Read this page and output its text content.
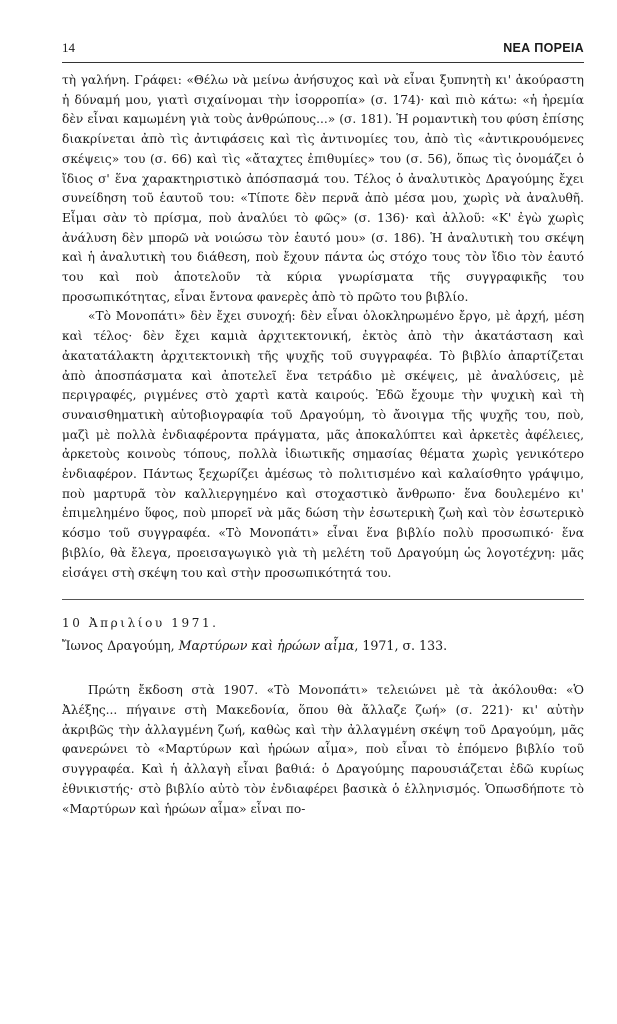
14	ΝΕΑ ΠΟΡΕΙΑ

τὴ γαλήνη. Γράφει: «Θέλω νὰ μείνω ἀνήσυχος καὶ νὰ εἶναι ξυπνητὴ κι' ἀκούραστη ἡ δύναμή μου, γιατὶ σιχαίνομαι τὴν ἰσορροπία» (σ. 174)· καὶ πιὸ κάτω: «ἡ ἠρεμία δὲν εἶναι καμωμένη γιὰ τοὺς ἀνθρώπους...» (σ. 181). Ἡ ρομαντικὴ του φύση ἐπίσης διακρίνεται ἀπὸ τὶς ἀντιφάσεις καὶ τὶς ἀντινομίες του, ἀπὸ τὶς «ἀντικρουόμενες σκέψεις» του (σ. 66) καὶ τὶς «ἄταχτες ἐπιθυμίες» του (σ. 56), ὅπως τὶς ὀνομάζει ὁ ἴδιος σ' ἕνα χαρακτηριστικὸ ἀπόσπασμά του. Τέλος ὁ ἀναλυτικὸς Δραγούμης ἔχει συνείδηση τοῦ ἑαυτοῦ του: «Τίποτε δὲν περνᾶ ἀπὸ μέσα μου, χωρὶς νὰ ἀναλυθῆ. Εἶμαι σὰν τὸ πρίσμα, ποὺ ἀναλύει τὸ φῶς» (σ. 136)· καὶ ἀλλοῦ: «Κ' ἐγὼ χωρὶς ἀνάλυση δὲν μπορῶ νὰ νοιώσω τὸν ἑαυτό μου» (σ. 186). Ἡ ἀναλυτικὴ του σκέψη καὶ ἡ ἀναλυτικὴ του διάθεση, ποὺ ἔχουν πάντα ὡς στόχο τους τὸν ἴδιο τὸν ἑαυτό του καὶ ποὺ ἀποτελοῦν τὰ κύρια γνωρίσματα τῆς συγγραφικῆς του προσωπικότητας, εἶναι ἔντονα φανερὲς ἀπὸ τὸ πρῶτο του βιβλίο.

«Τὸ Μονοπάτι» δὲν ἔχει συνοχή: δὲν εἶναι ὁλοκληρωμένο ἔργο, μὲ ἀρχή, μέση καὶ τέλος· δὲν ἔχει καμιὰ ἀρχιτεκτονική, ἐκτὸς ἀπὸ τὴν ἀκατάσταση καὶ ἀκατατάλακτη ἀρχιτεκτονικὴ τῆς ψυχῆς τοῦ συγγραφέα. Τὸ βιβλίο ἀπαρτίζεται ἀπὸ ἀποσπάσματα καὶ ἀποτελεῖ ἕνα τετράδιο μὲ σκέψεις, μὲ ἀναλύσεις, μὲ περιγραφές, ριγμένες στὸ χαρτὶ κατὰ καιρούς. Ἐδῶ ἔχουμε τὴν ψυχικὴ καὶ τὴ συναισθηματικὴ αὐτοβιογραφία τοῦ Δραγούμη, τὸ ἄνοιγμα τῆς ψυχῆς του, ποὺ, μαζὶ μὲ πολλὰ ἐνδιαφέροντα πράγματα, μᾶς ἀποκαλύπτει καὶ ἀρκετὲς ἀφέλειες, ἀρκετοὺς κοινοὺς τόπους, πολλὰ ἰδιωτικῆς σημασίας θέματα χωρὶς γενικότερο ἐνδιαφέρον. Πάντως ξεχωρίζει ἀμέσως τὸ πολιτισμένο καὶ καλαίσθητο γράψιμο, ποὺ μαρτυρᾶ τὸν καλλιεργημένο καὶ στοχαστικὸ ἄνθρωπο· ἕνα δουλεμένο κι' ἐπιμελημένο ὕφος, ποὺ μπορεῖ νὰ μᾶς δώση τὴν ἐσωτερικὴ ζωὴ καὶ τὸν ἐσωτερικὸ κόσμο τοῦ συγγραφέα. «Τὸ Μονοπάτι» εἶναι ἕνα βιβλίο πολὺ προσωπικό· ἕνα βιβλίο, θὰ ἔλεγα, προεισαγωγικὸ γιὰ τὴ μελέτη τοῦ Δραγούμη ὡς λογοτέχνη: μᾶς εἰσάγει στὴ σκέψη του καὶ στὴν προσωπικότητά του.

10 Ἀπριλίου 1971.
Ἴωνος Δραγούμη, Μαρτύρων καὶ ἡρώων αἷμα, 1971, σ. 133.

Πρώτη ἔκδοση στὰ 1907. «Τὸ Μονοπάτι» τελειώνει μὲ τὰ ἀκόλουθα: «Ὁ Ἀλέξης... πήγαινε στὴ Μακεδονία, ὅπου θὰ ἄλλαζε ζωή» (σ. 221)· κι' αὐτὴν ἀκριβῶς τὴν ἀλλαγμένη ζωή, καθὼς καὶ τὴν ἀλλαγμένη σκέψη τοῦ Δραγούμη, μᾶς φανερώνει τὸ «Μαρτύρων καὶ ἡρώων αἷμα», ποὺ εἶναι τὸ ἑπόμενο βιβλίο τοῦ συγγραφέα. Καὶ ἡ ἀλλαγὴ εἶναι βαθιά: ὁ Δραγούμης παρουσιάζεται ἐδῶ κυρίως ἐθνικιστής· στὸ βιβλίο αὐτὸ τὸν ἐνδιαφέρει βασικὰ ὁ ἑλληνισμός. Ὁπωσδήποτε τὸ «Μαρτύρων καὶ ἡρώων αἷμα» εἶναι πο-
